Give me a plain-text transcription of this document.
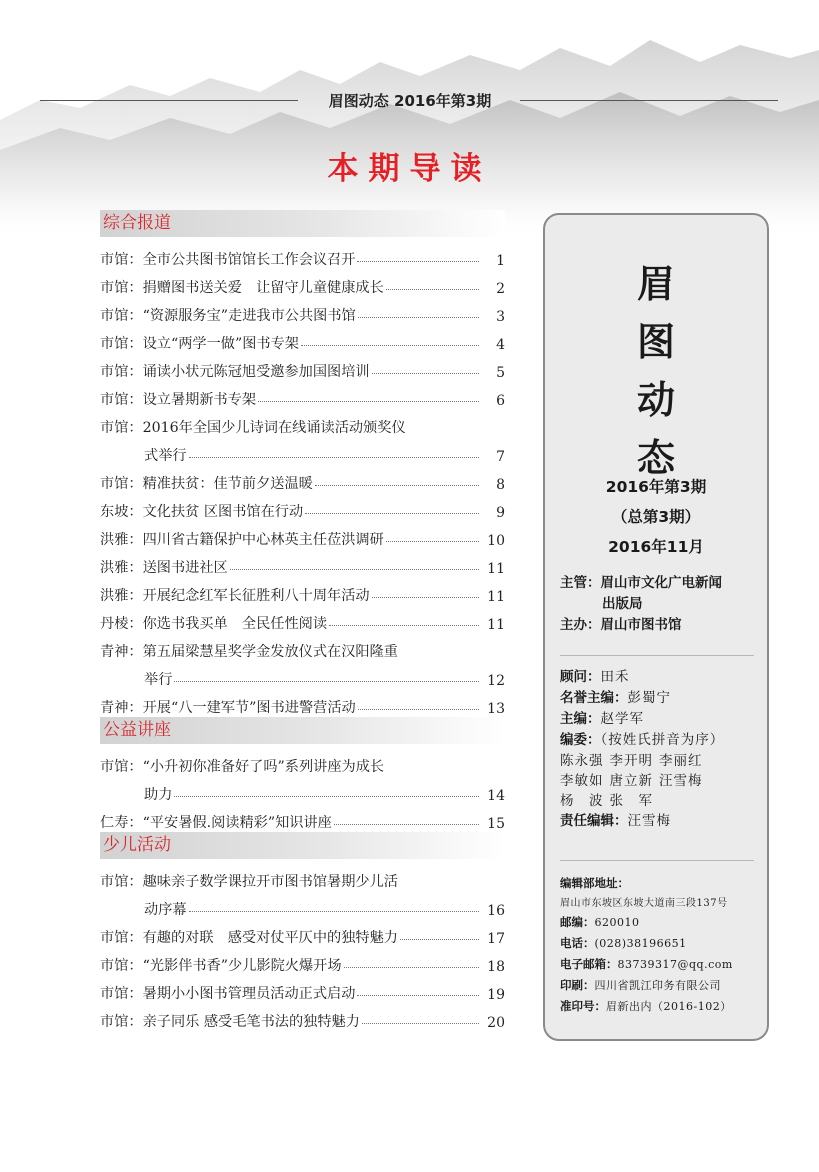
眉图动态 2016年第3期
本期导读
综合报道
市馆： 全市公共图书馆馆长工作会议召开	1
市馆： 捐赠图书送关爱　让留守儿童健康成长	2
市馆： “资源服务宝”走进我市公共图书馆	3
市馆： 设立“两学一做”图书专架	4
市馆： 诵读小状元陈冠旭受邀参加国图培训	5
市馆： 设立暑期新书专架	6
市馆： 2016年全国少儿诗词在线诵读活动颁奖仪
式举行	7
市馆： 精准扶贫：佳节前夕送温暖	8
东坡： 文化扶贫 区图书馆在行动	9
洪雅： 四川省古籍保护中心林英主任莅洪调研	10
洪雅： 送图书进社区	11
洪雅： 开展纪念红军长征胜利八十周年活动	11
丹棱： 你选书我买单　全民任性阅读	11
青神： 第五届梁慧星奖学金发放仪式在汉阳隆重
举行	12
青神： 开展“八一建军节”图书进警营活动	13
公益讲座
市馆： “小升初你准备好了吗”系列讲座为成长
助力	14
仁寿： “平安暑假.阅读精彩”知识讲座	15
少儿活动
市馆： 趣味亲子数学课拉开市图书馆暑期少儿活
动序幕	16
市馆： 有趣的对联　感受对仗平仄中的独特魅力	17
市馆： “光影伴书香”少儿影院火爆开场	18
市馆： 暑期小小图书管理员活动正式启动	19
市馆： 亲子同乐 感受毛笔书法的独特魅力	20
眉
图
动
态
2016年第3期
（总第3期）
2016年11月
主管：眉山市文化广电新闻
出版局
主办：眉山市图书馆
顾问：田禾
名誉主编：彭蜀宁
主编：赵学军
编委：（按姓氏拼音为序）
陈永强 李开明 李丽红
李敏如 唐立新 汪雪梅
杨　波 张　军
责任编辑：汪雪梅
编辑部地址：
眉山市东坡区东坡大道南三段137号
邮编：620010
电话：(028)38196651
电子邮箱：83739317@qq.com
印刷：四川省凯江印务有限公司
准印号：眉新出内（2016-102）
